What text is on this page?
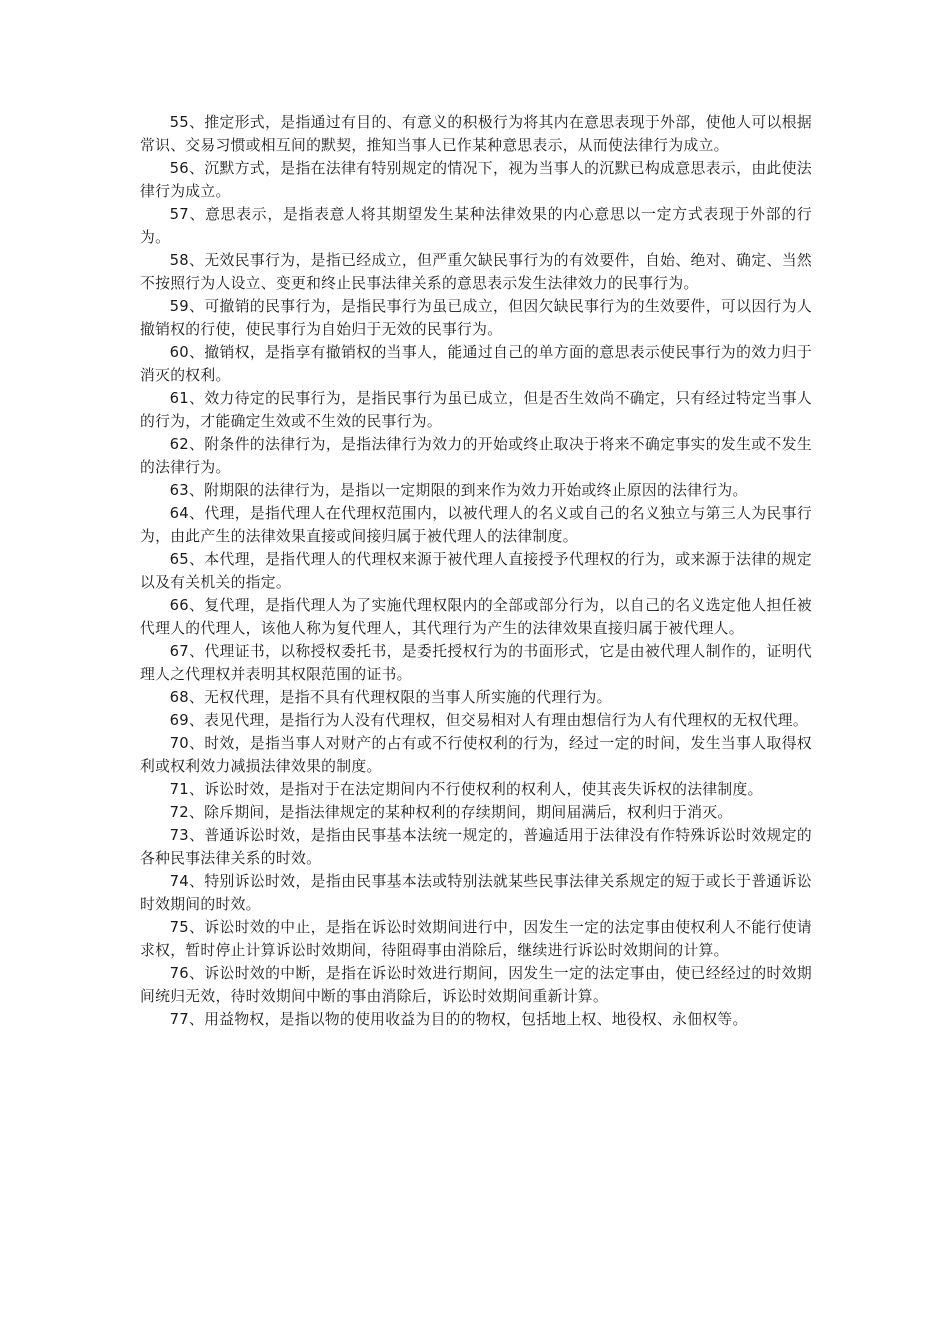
55、推定形式，是指通过有目的、有意义的积极行为将其内在意思表现于外部，使他人可以根据常识、交易习惯或相互间的默契，推知当事人已作某种意思表示，从而使法律行为成立。

56、沉默方式，是指在法律有特别规定的情况下，视为当事人的沉默已构成意思表示，由此使法律行为成立。

57、意思表示，是指表意人将其期望发生某种法律效果的内心意思以一定方式表现于外部的行为。

58、无效民事行为，是指已经成立，但严重欠缺民事行为的有效要件，自始、绝对、确定、当然不按照行为人设立、变更和终止民事法律关系的意思表示发生法律效力的民事行为。

59、可撤销的民事行为，是指民事行为虽已成立，但因欠缺民事行为的生效要件，可以因行为人撤销权的行使，使民事行为自始归于无效的民事行为。

60、撤销权，是指享有撤销权的当事人，能通过自己的单方面的意思表示使民事行为的效力归于消灭的权利。

61、效力待定的民事行为，是指民事行为虽已成立，但是否生效尚不确定，只有经过特定当事人的行为，才能确定生效或不生效的民事行为。

62、附条件的法律行为，是指法律行为效力的开始或终止取决于将来不确定事实的发生或不发生的法律行为。

63、附期限的法律行为，是指以一定期限的到来作为效力开始或终止原因的法律行为。

64、代理，是指代理人在代理权范围内，以被代理人的名义或自己的名义独立与第三人为民事行为，由此产生的法律效果直接或间接归属于被代理人的法律制度。

65、本代理，是指代理人的代理权来源于被代理人直接授予代理权的行为，或来源于法律的规定以及有关机关的指定。

66、复代理，是指代理人为了实施代理权限内的全部或部分行为，以自己的名义选定他人担任被代理人的代理人，该他人称为复代理人，其代理行为产生的法律效果直接归属于被代理人。

67、代理证书，以称授权委托书，是委托授权行为的书面形式，它是由被代理人制作的，证明代理人之代理权并表明其权限范围的证书。

68、无权代理，是指不具有代理权限的当事人所实施的代理行为。

69、表见代理，是指行为人没有代理权，但交易相对人有理由想信行为人有代理权的无权代理。

70、时效，是指当事人对财产的占有或不行使权利的行为，经过一定的时间，发生当事人取得权利或权利效力减损法律效果的制度。

71、诉讼时效，是指对于在法定期间内不行使权利的权利人，使其丧失诉权的法律制度。

72、除斥期间，是指法律规定的某种权利的存续期间，期间届满后，权利归于消灭。

73、普通诉讼时效，是指由民事基本法统一规定的，普遍适用于法律没有作特殊诉讼时效规定的各种民事法律关系的时效。

74、特别诉讼时效，是指由民事基本法或特别法就某些民事法律关系规定的短于或长于普通诉讼时效期间的时效。

75、诉讼时效的中止，是指在诉讼时效期间进行中，因发生一定的法定事由使权利人不能行使请求权，暂时停止计算诉讼时效期间，待阻碍事由消除后，继续进行诉讼时效期间的计算。

76、诉讼时效的中断，是指在诉讼时效进行期间，因发生一定的法定事由，使已经经过的时效期间统归无效，待时效期间中断的事由消除后，诉讼时效期间重新计算。

77、用益物权，是指以物的使用收益为目的的物权，包括地上权、地役权、永佃权等。
